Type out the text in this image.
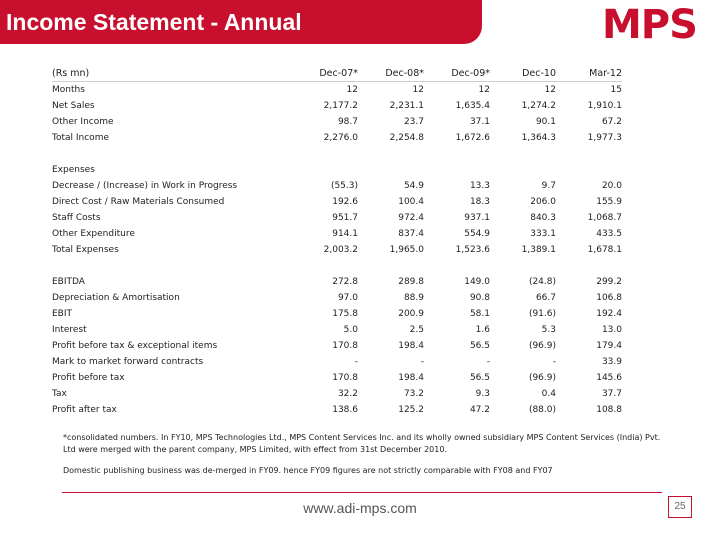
Income Statement - Annual	MPS
(Rs mn)	Dec-07*	Dec-08*	Dec-09*	Dec-10	Mar-12
Months	12	12	12	12	15
Net Sales	2,177.2	2,231.1	1,635.4	1,274.2	1,910.1
Other Income	98.7	23.7	37.1	90.1	67.2
Total Income	2,276.0	2,254.8	1,672.6	1,364.3	1,977.3

Expenses					
Decrease / (Increase) in Work in Progress	(55.3)	54.9	13.3	9.7	20.0
Direct Cost / Raw Materials Consumed	192.6	100.4	18.3	206.0	155.9
Staff Costs	951.7	972.4	937.1	840.3	1,068.7
Other Expenditure	914.1	837.4	554.9	333.1	433.5
Total Expenses	2,003.2	1,965.0	1,523.6	1,389.1	1,678.1

EBITDA	272.8	289.8	149.0	(24.8)	299.2
Depreciation & Amortisation	97.0	88.9	90.8	66.7	106.8
EBIT	175.8	200.9	58.1	(91.6)	192.4
Interest	5.0	2.5	1.6	5.3	13.0
Profit before tax & exceptional items	170.8	198.4	56.5	(96.9)	179.4
Mark to market forward contracts	-	-	-	-	33.9
Profit before tax	170.8	198.4	56.5	(96.9)	145.6
Tax	32.2	73.2	9.3	0.4	37.7
Profit after tax	138.6	125.2	47.2	(88.0)	108.8

*consolidated numbers. In FY10, MPS Technologies Ltd., MPS Content Services Inc. and its wholly owned subsidiary MPS Content Services (India) Pvt. Ltd were merged with the parent company, MPS Limited, with effect from 31st December 2010.

Domestic publishing business was de-merged in FY09. hence FY09 figures are not strictly comparable with FY08 and FY07

www.adi-mps.com	25
